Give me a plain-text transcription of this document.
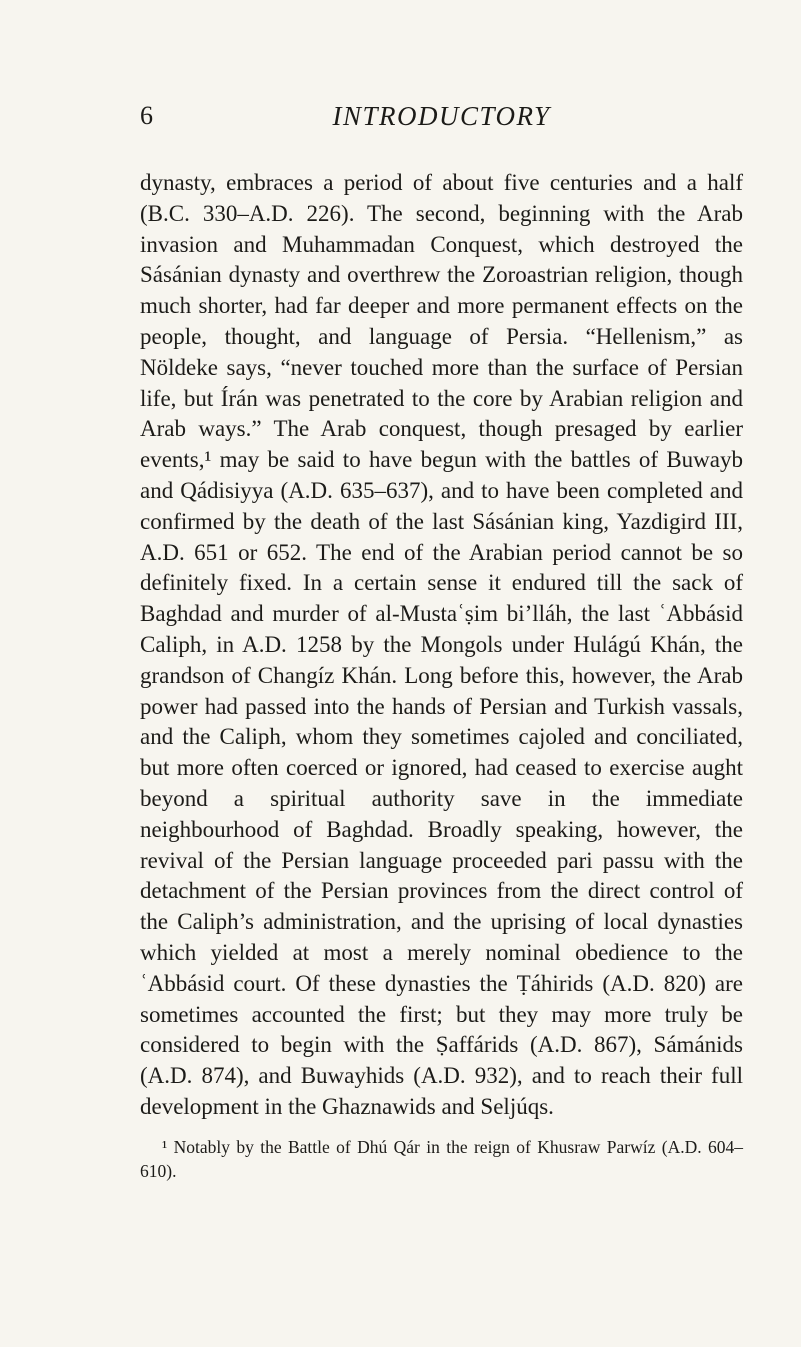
6	INTRODUCTORY

dynasty, embraces a period of about five centuries and a half (B.C. 330–A.D. 226). The second, beginning with the Arab invasion and Muhammadan Conquest, which destroyed the Sásánian dynasty and overthrew the Zoroastrian religion, though much shorter, had far deeper and more permanent effects on the people, thought, and language of Persia. “Hellenism,” as Nöldeke says, “never touched more than the surface of Persian life, but Írán was penetrated to the core by Arabian religion and Arab ways.” The Arab conquest, though presaged by earlier events,¹ may be said to have begun with the battles of Buwayb and Qádisiyya (A.D. 635–637), and to have been completed and confirmed by the death of the last Sásánian king, Yazdigird III, A.D. 651 or 652. The end of the Arabian period cannot be so definitely fixed. In a certain sense it endured till the sack of Baghdad and murder of al-Mustaʿṣim bi’lláh, the last ʿAbbásid Caliph, in A.D. 1258 by the Mongols under Hulágú Khán, the grandson of Changíz Khán. Long before this, however, the Arab power had passed into the hands of Persian and Turkish vassals, and the Caliph, whom they sometimes cajoled and conciliated, but more often coerced or ignored, had ceased to exercise aught beyond a spiritual authority save in the immediate neighbourhood of Baghdad. Broadly speaking, however, the revival of the Persian language proceeded pari passu with the detachment of the Persian provinces from the direct control of the Caliph’s administration, and the uprising of local dynasties which yielded at most a merely nominal obedience to the ʿAbbásid court. Of these dynasties the Ṭáhirids (A.D. 820) are sometimes accounted the first; but they may more truly be considered to begin with the Ṣaffárids (A.D. 867), Sámánids (A.D. 874), and Buwayhids (A.D. 932), and to reach their full development in the Ghaznawids and Seljúqs.

¹ Notably by the Battle of Dhú Qár in the reign of Khusraw Parwíz (A.D. 604–610).
